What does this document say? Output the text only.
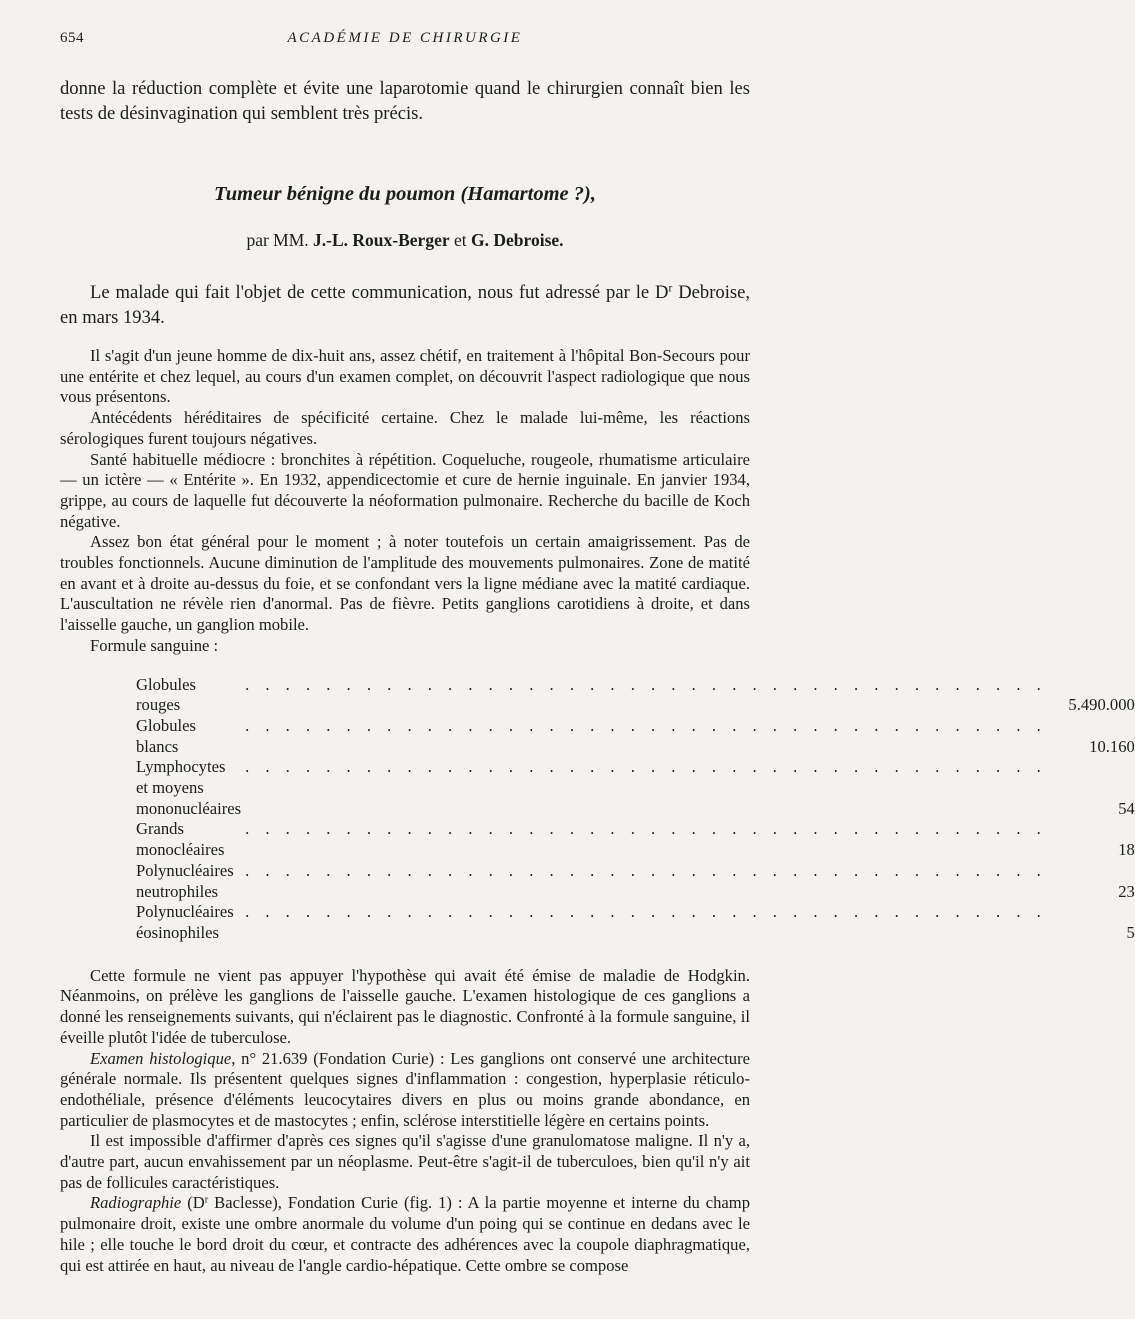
654	ACADÉMIE DE CHIRURGIE

donne la réduction complète et évite une laparotomie quand le chirurgien connaît bien les tests de désinvagination qui semblent très précis.

Tumeur bénigne du poumon (Hamartome ?),
par MM. J.-L. Roux-Berger et G. Debroise.

Le malade qui fait l'objet de cette communication, nous fut adressé par le $D^r$ Debroise, en mars 1934.

Il s'agit d'un jeune homme de dix-huit ans, assez chétif, en traitement à l'hôpital Bon-Secours pour une entérite et chez lequel, au cours d'un examen complet, on découvrit l'aspect radiologique que nous vous présentons.

Antécédents héréditaires de spécificité certaine. Chez le malade lui-même, les réactions sérologiques furent toujours négatives.

Santé habituelle médiocre : bronchites à répétition. Coqueluche, rougeole, rhumatisme articulaire — un ictère — « Entérite ». En 1932, appendicectomie et cure de hernie inguinale. En janvier 1934, grippe, au cours de laquelle fut découverte la néoformation pulmonaire. Recherche du bacille de Koch négative.

Assez bon état général pour le moment ; à noter toutefois un certain amaigrissement. Pas de troubles fonctionnels. Aucune diminution de l'amplitude des mouvements pulmonaires. Zone de matité en avant et à droite au-dessus du foie, et se confondant vers la ligne médiane avec la matité cardiaque. L'auscultation ne révèle rien d'anormal. Pas de fièvre. Petits ganglions carotidiens à droite, et dans l'aisselle gauche, un ganglion mobile.

Formule sanguine :

Globules rouges
. . . . . . . . . . . . . . . . . . . . . . . . . . . . . . . . . . . . . . . .	5.490.000

Globules blancs
. . . . . . . . . . . . . . . . . . . . . . . . . . . . . . . . . . . . . . . .	10.160

Lymphocytes et moyens mononucléaires
. . . . . . . . . . . . . . . . . . . . . . . . . . . . . . . . . . . . . . . .	54

Grands monocléaires
. . . . . . . . . . . . . . . . . . . . . . . . . . . . . . . . . . . . . . . .	18

Polynucléaires neutrophiles
. . . . . . . . . . . . . . . . . . . . . . . . . . . . . . . . . . . . . . . .	23

Polynucléaires éosinophiles
. . . . . . . . . . . . . . . . . . . . . . . . . . . . . . . . . . . . . . . .	5

Cette formule ne vient pas appuyer l'hypothèse qui avait été émise de maladie de Hodgkin. Néanmoins, on prélève les ganglions de l'aisselle gauche. L'examen histologique de ces ganglions a donné les renseignements suivants, qui n'éclairent pas le diagnostic. Confronté à la formule sanguine, il éveille plutôt l'idée de tuberculose.

Examen histologique, n° 21.639 (Fondation Curie) : Les ganglions ont conservé une architecture générale normale. Ils présentent quelques signes d'inflammation : congestion, hyperplasie réticulo-endothéliale, présence d'éléments leucocytaires divers en plus ou moins grande abondance, en particulier de plasmocytes et de mastocytes ; enfin, sclérose interstitielle légère en certains points.

Il est impossible d'affirmer d'après ces signes qu'il s'agisse d'une granulomatose maligne. Il n'y a, d'autre part, aucun envahissement par un néoplasme. Peut-être s'agit-il de tuberculoes, bien qu'il n'y ait pas de follicules caractéristiques.

Radiographie ($D^r$ Baclesse), Fondation Curie (fig. 1) : A la partie moyenne et interne du champ pulmonaire droit, existe une ombre anormale du volume d'un poing qui se continue en dedans avec le hile ; elle touche le bord droit du cœur, et contracte des adhérences avec la coupole diaphragmatique, qui est attirée en haut, au niveau de l'angle cardio-hépatique. Cette ombre se compose
